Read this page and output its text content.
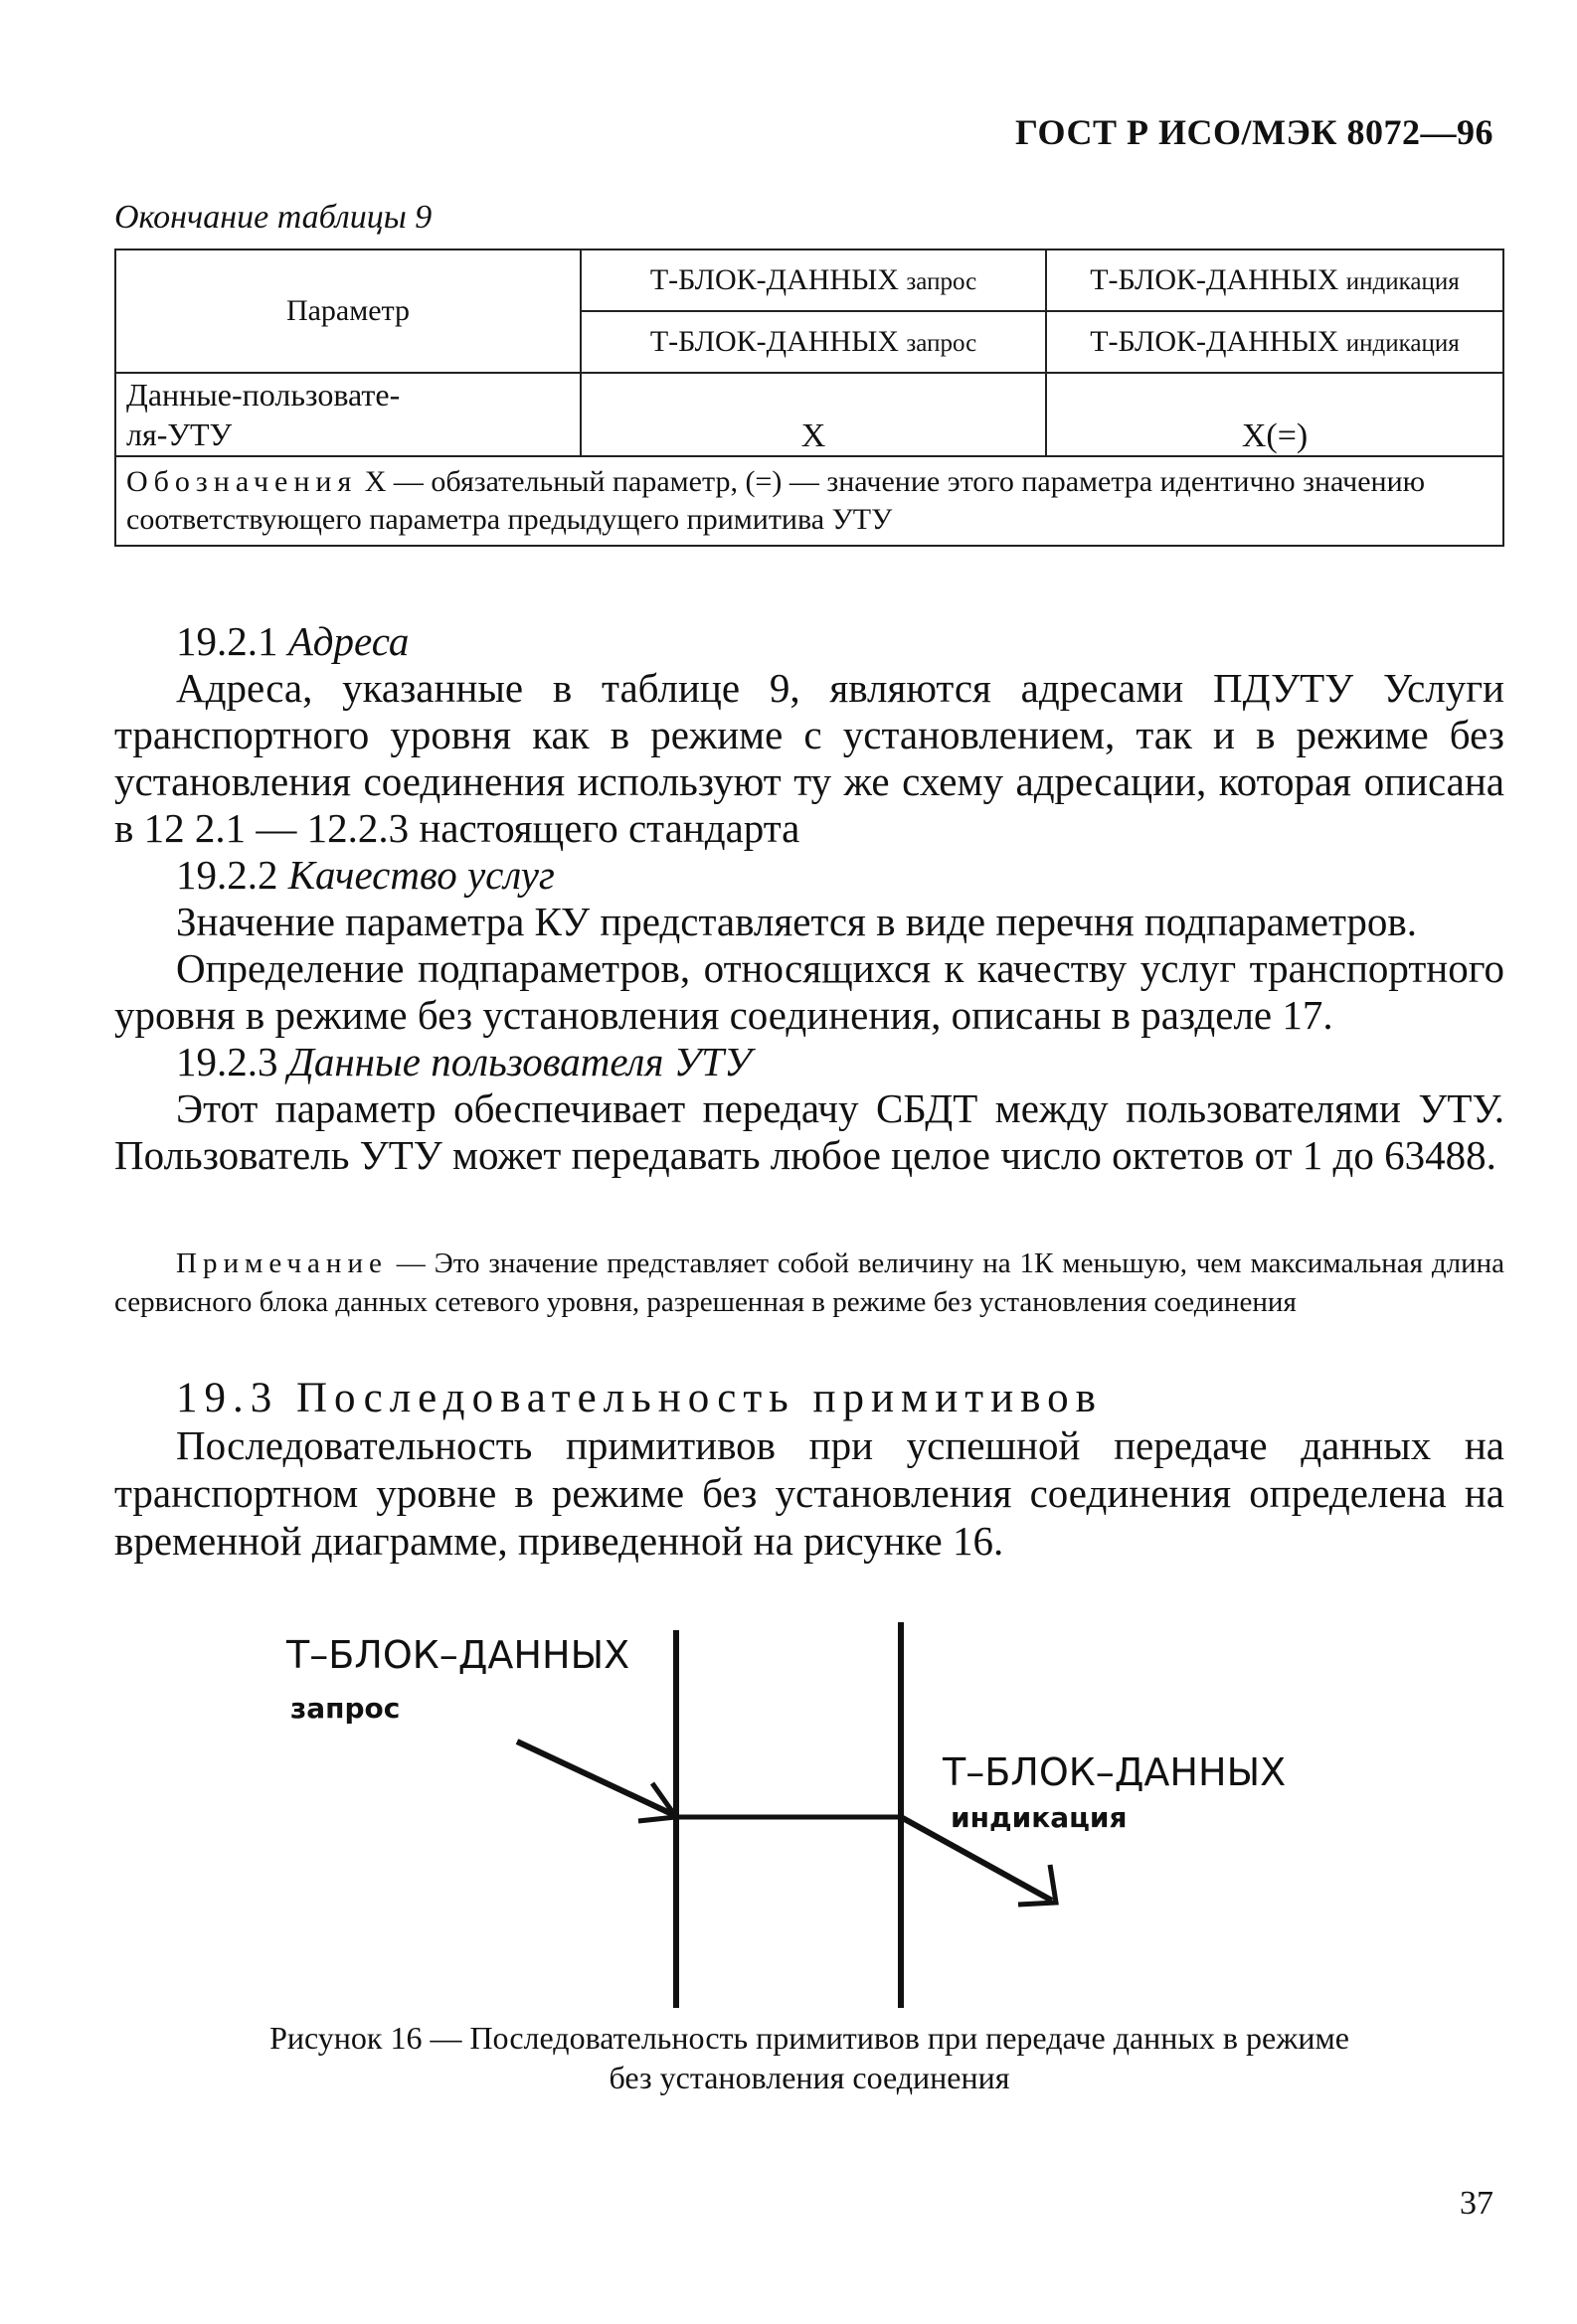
ГОСТ Р ИСО/МЭК 8072—96
Окончание таблицы 9
Параметр	Т-БЛОК-ДАННЫХ запрос	Т-БЛОК-ДАННЫХ индикация
	Т-БЛОК-ДАННЫХ запрос	Т-БЛОК-ДАННЫХ индикация

Данные-пользовате-
ля-УТУ	X	X(=)
Обозначения X — обязательный параметр, (=) — значение этого параметра идентично значению соответствующего параметра предыдущего примитива УТУ		
19.2.1 Адреса

Адреса, указанные в таблице 9, являются адресами ПДУТУ Услуги транспортного уровня как в режиме с установлением, так и в режиме без установления соединения используют ту же схему адресации, которая описана в 12 2.1 — 12.2.3 настоящего стандарта

19.2.2 Качество услуг

Значение параметра КУ представляется в виде перечня подпараметров.

Определение подпараметров, относящихся к качеству услуг транспортного уровня в режиме без установления соединения, описаны в разделе 17.

19.2.3 Данные пользователя УТУ

Этот параметр обеспечивает передачу СБДТ между пользователями УТУ. Пользователь УТУ может передавать любое целое число октетов от 1 до 63488.

Примечание — Это значение представляет собой величину на 1К меньшую, чем максимальная длина сервисного блока данных сетевого уровня, разрешенная в режиме без установления соединения
19.3 Последовательность примитивов

Последовательность примитивов при успешной передаче данных на транспортном уровне в режиме без установления соединения определена на временной диаграмме, приведенной на рисунке 16.

Т–БЛОК–ДАННЫХ
запрос
Т–БЛОК–ДАННЫХ
индикация
Рисунок 16 — Последовательность примитивов при передаче данных в режиме
без установления соединения
37
